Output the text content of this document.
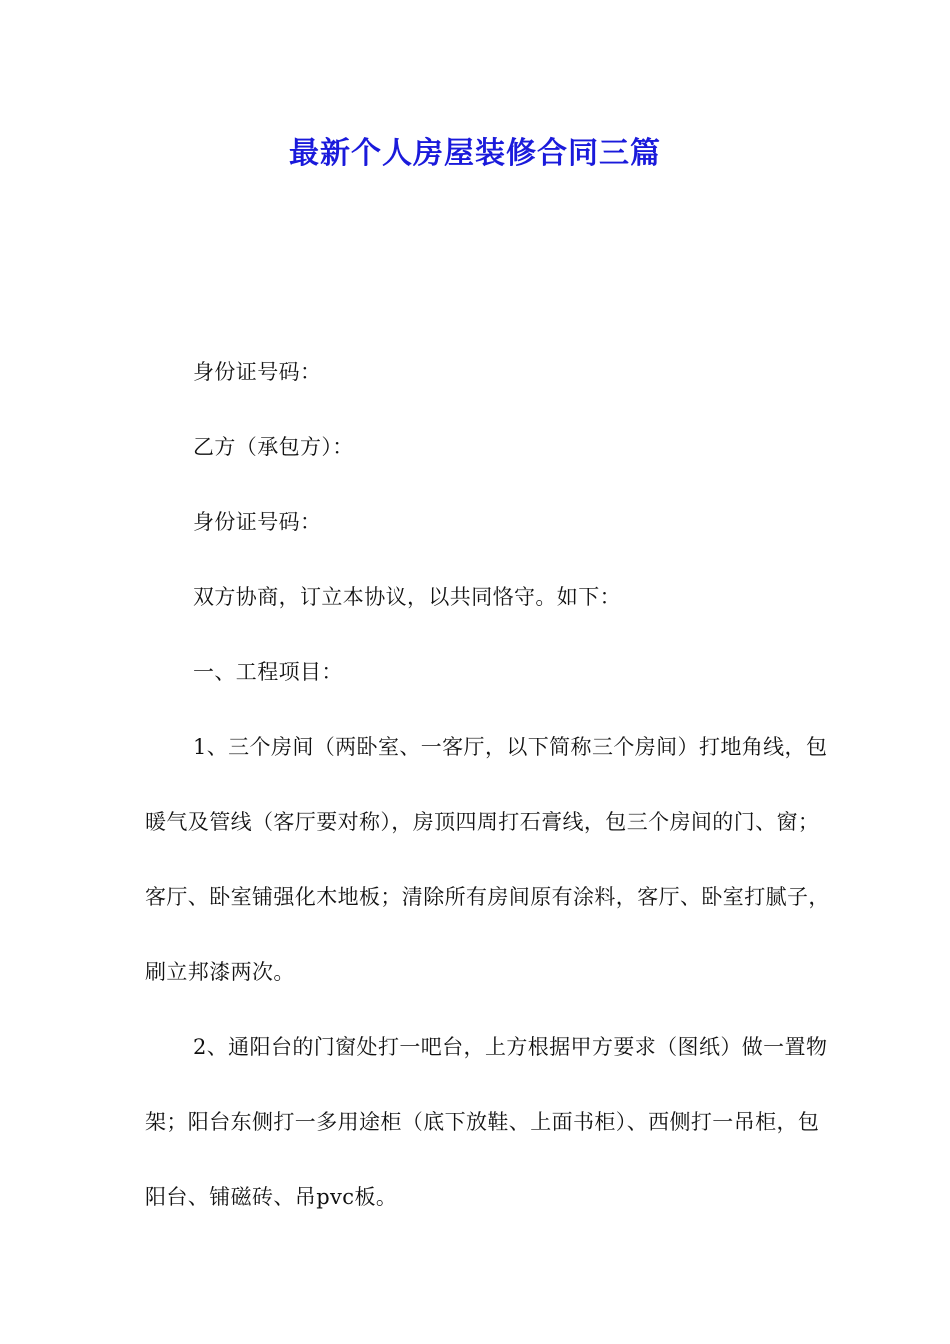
最新个人房屋装修合同三篇

身份证号码：

乙方（承包方）：

身份证号码：

双方协商，订立本协议，以共同恪守。如下：

一、工程项目：

1、三个房间（两卧室、一客厅，以下简称三个房间）打地角线，包暖气及管线（客厅要对称），房顶四周打石膏线，包三个房间的门、窗；客厅、卧室铺强化木地板；清除所有房间原有涂料，客厅、卧室打腻子，刷立邦漆两次。

2、通阳台的门窗处打一吧台，上方根据甲方要求（图纸）做一置物架；阳台东侧打一多用途柜（底下放鞋、上面书柜）、西侧打一吊柜，包阳台、铺磁砖、吊pvc板。
